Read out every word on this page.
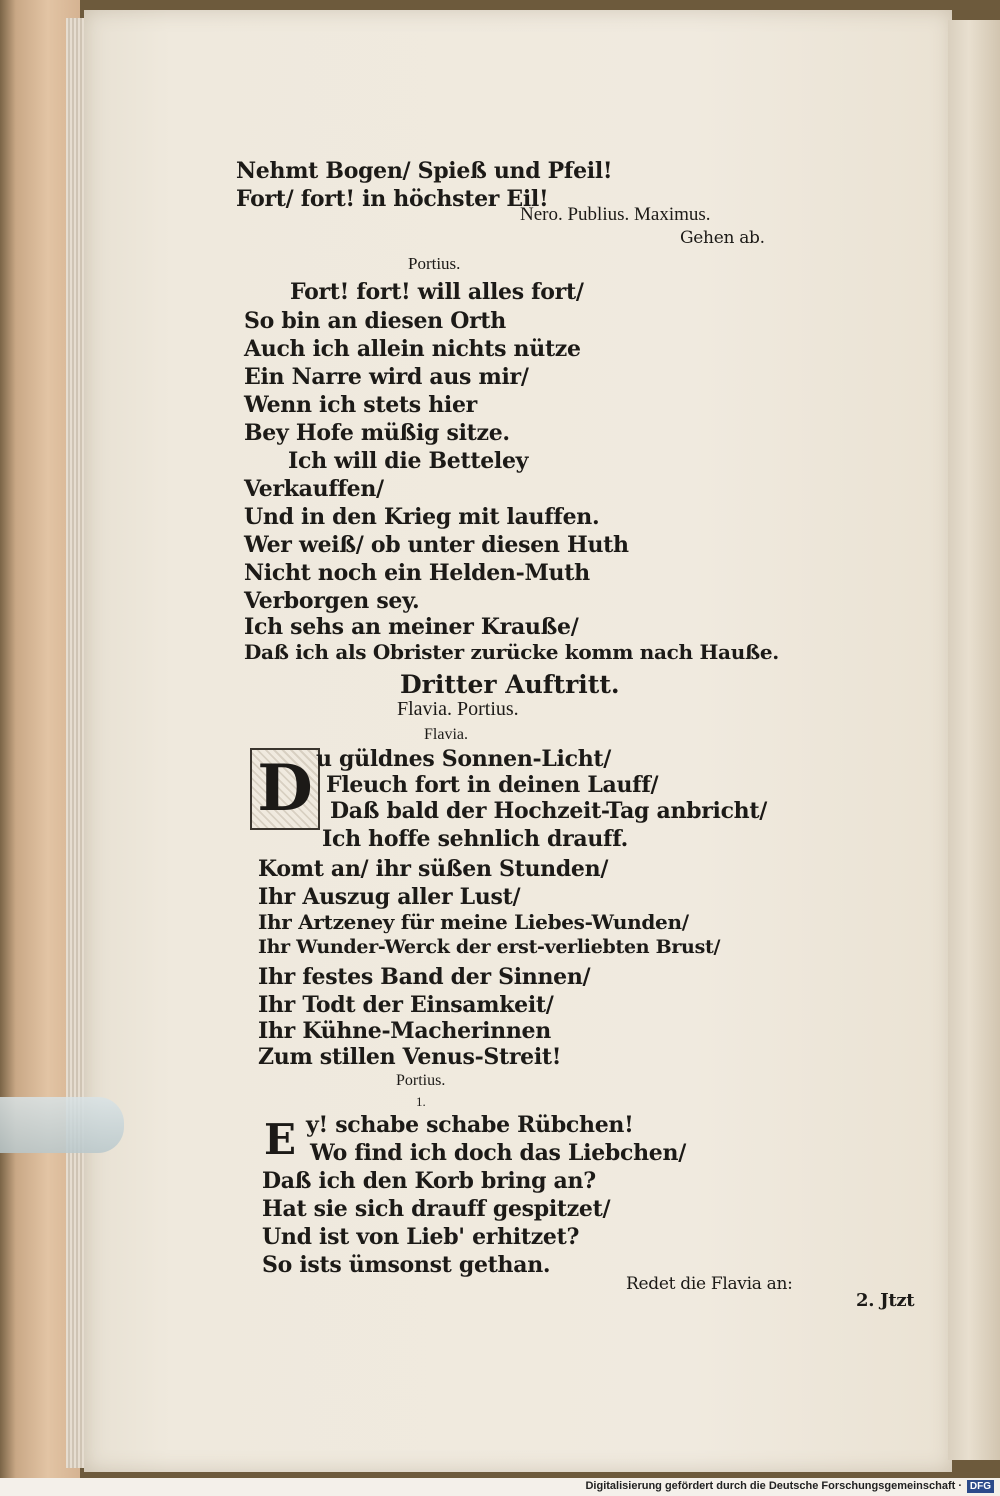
Nehmt Bogen/ Spieß und Pfeil!
Fort/ fort! in höchster Eil!
Nero. Publius. Maximus.
Gehen ab.
Portius.
Fort! fort! will alles fort/
So bin an diesen Orth
Auch ich allein nichts nütze
Ein Narre wird aus mir/
Wenn ich stets hier
Bey Hofe müßig sitze.
Ich will die Betteley
Verkauffen/
Und in den Krieg mit lauffen.
Wer weiß/ ob unter diesen Huth
Nicht noch ein Helden-Muth
Verborgen sey.
Ich sehs an meiner Krauße/
Daß ich als Obrister zurücke komm nach Hauße.
Dritter Auftritt.
Flavia. Portius.
Flavia.
D u güldnes Sonnen-Licht/
Fleuch fort in deinen Lauff/
Daß bald der Hochzeit-Tag anbricht/
Ich hoffe sehnlich drauff.
Komt an/ ihr süßen Stunden/
Ihr Auszug aller Lust/
Ihr Artzeney für meine Liebes-Wunden/
Ihr Wunder-Werck der erst-verliebten Brust/
Ihr festes Band der Sinnen/
Ihr Todt der Einsamkeit/
Ihr Kühne-Macherinnen
Zum stillen Venus-Streit!
Portius.
1.
E y! schabe schabe Rübchen!
Wo find ich doch das Liebchen/
Daß ich den Korb bring an?
Hat sie sich drauff gespitzet/
Und ist von Lieb' erhitzet?
So ists ümsonst gethan.
Redet die Flavia an:
2. Jtzt
Digitalisierung gefördert durch die Deutsche Forschungsgemeinschaft · DFG
